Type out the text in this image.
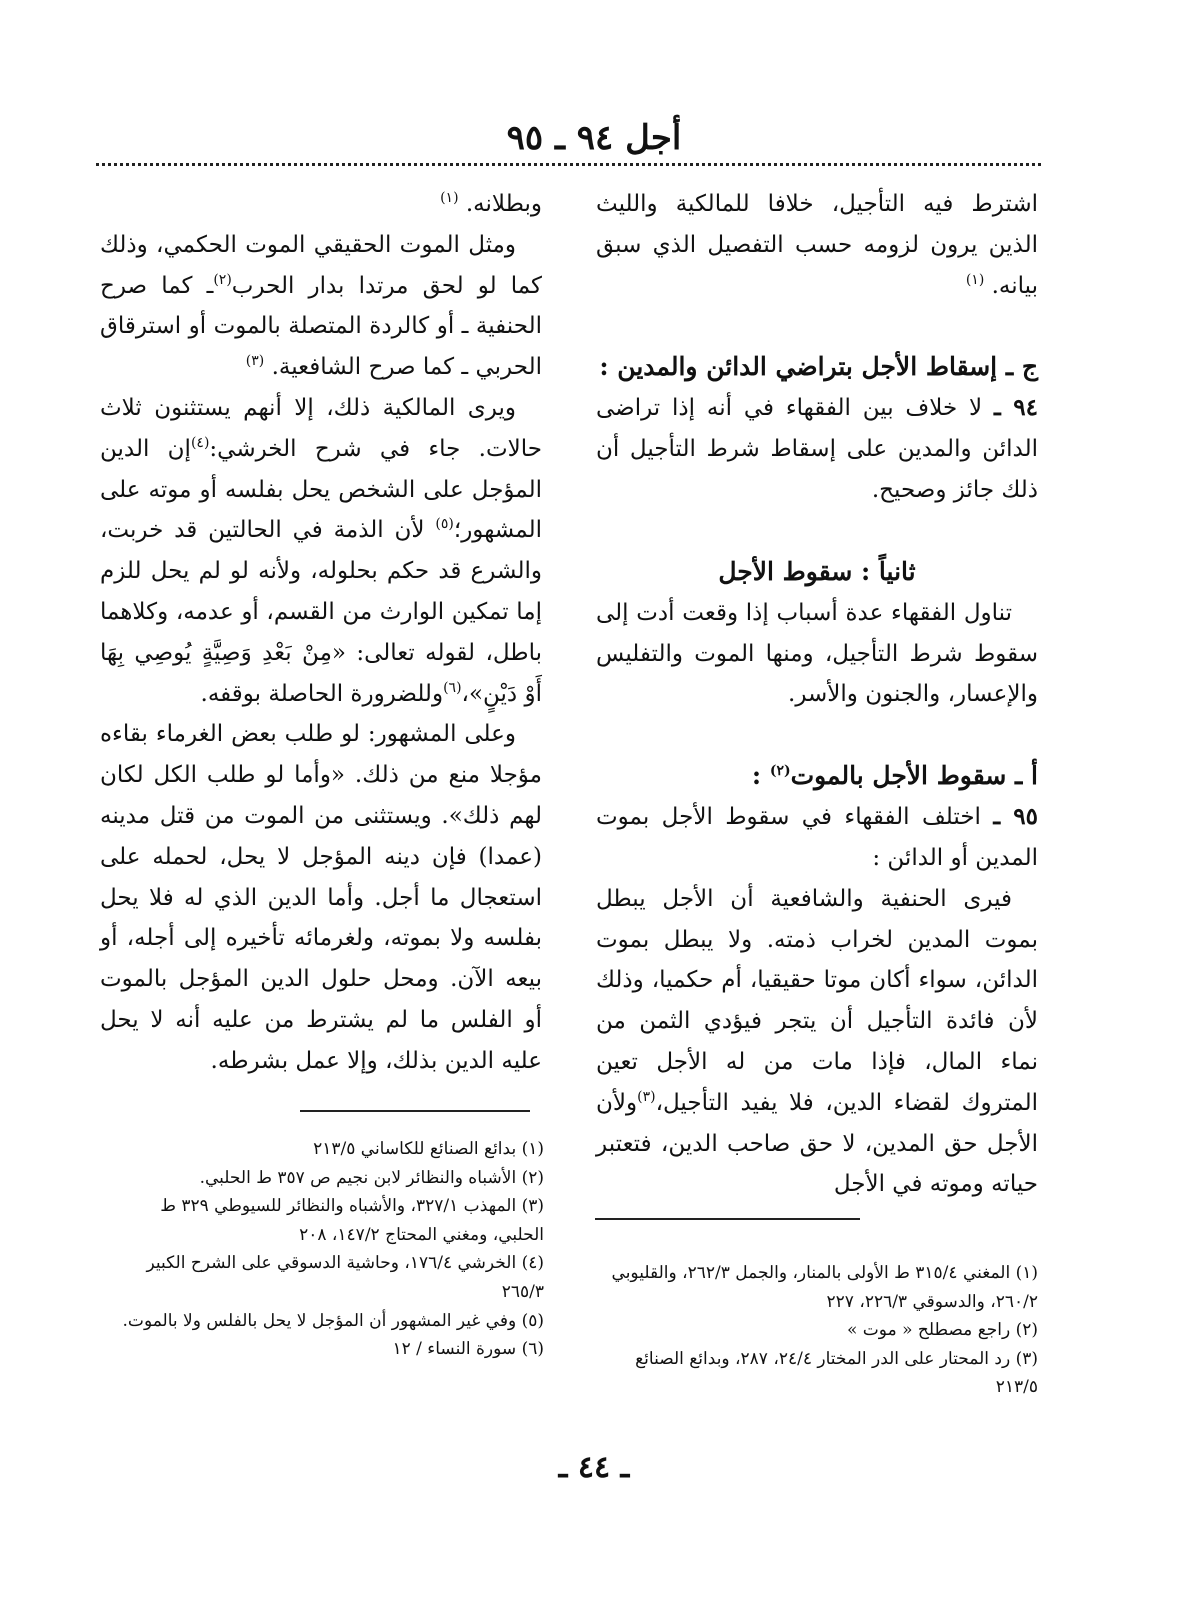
أجل ٩٤ ـ ٩٥

اشترط فيه التأجيل، خلافا للمالكية والليث الذين يرون لزومه حسب التفصيل الذي سبق بيانه. $^{(١)}$

ج ـ إسقاط الأجل بتراضي الدائن والمدين :

٩٤ ـ لا خلاف بين الفقهاء في أنه إذا تراضى الدائن والمدين على إسقاط شرط التأجيل أن ذلك جائز وصحيح.

ثانياً : سقوط الأجل

تناول الفقهاء عدة أسباب إذا وقعت أدت إلى سقوط شرط التأجيل، ومنها الموت والتفليس والإعسار، والجنون والأسر.

أ ـ سقوط الأجل بالموت$^{(٢)}$ :

٩٥ ـ اختلف الفقهاء في سقوط الأجل بموت المدين أو الدائن :

فيرى الحنفية والشافعية أن الأجل يبطل بموت المدين لخراب ذمته. ولا يبطل بموت الدائن، سواء أكان موتا حقيقيا، أم حكميا، وذلك لأن فائدة التأجيل أن يتجر فيؤدي الثمن من نماء المال، فإذا مات من له الأجل تعين المتروك لقضاء الدين، فلا يفيد التأجيل،$^{(٣)}$ولأن الأجل حق المدين، لا حق صاحب الدين، فتعتبر حياته وموته في الأجل

وبطلانه. $^{(١)}$

ومثل الموت الحقيقي الموت الحكمي، وذلك كما لو لحق مرتدا بدار الحرب$^{(٢)}$ـ كما صرح الحنفية ـ أو كالردة المتصلة بالموت أو استرقاق الحربي ـ كما صرح الشافعية. $^{(٣)}$

ويرى المالكية ذلك، إلا أنهم يستثنون ثلاث حالات. جاء في شرح الخرشي:$^{(٤)}$إن الدين المؤجل على الشخص يحل بفلسه أو موته على المشهور؛$^{(٥)}$ لأن الذمة في الحالتين قد خربت، والشرع قد حكم بحلوله، ولأنه لو لم يحل للزم إما تمكين الوارث من القسم، أو عدمه، وكلاهما باطل، لقوله تعالى: «مِنْ بَعْدِ وَصِيَّةٍ يُوصِي بِهَا أَوْ دَيْنٍ»،$^{(٦)}$وللضرورة الحاصلة بوقفه.

وعلى المشهور: لو طلب بعض الغرماء بقاءه مؤجلا منع من ذلك. «وأما لو طلب الكل لكان لهم ذلك». ويستثنى من الموت من قتل مدينه (عمدا) فإن دينه المؤجل لا يحل، لحمله على استعجال ما أجل. وأما الدين الذي له فلا يحل بفلسه ولا بموته، ولغرمائه تأخيره إلى أجله، أو بيعه الآن. ومحل حلول الدين المؤجل بالموت أو الفلس ما لم يشترط من عليه أنه لا يحل عليه الدين بذلك، وإلا عمل بشرطه.

(١) المغني ٣١٥/٤ ط الأولى بالمنار، والجمل ٢٦٢/٣، والقليوبي ٢٦٠/٢، والدسوقي ٢٢٦/٣، ٢٢٧

(٢) راجع مصطلح « موت »

(٣) رد المحتار على الدر المختار ٢٤/٤، ٢٨٧، وبدائع الصنائع ٢١٣/٥

(١) بدائع الصنائع للكاساني ٢١٣/٥

(٢) الأشباه والنظائر لابن نجيم ص ٣٥٧ ط الحلبي.

(٣) المهذب ٣٢٧/١، والأشباه والنظائر للسيوطي ٣٢٩ ط الحلبي، ومغني المحتاج ١٤٧/٢، ٢٠٨

(٤) الخرشي ١٧٦/٤، وحاشية الدسوقي على الشرح الكبير ٢٦٥/٣

(٥) وفي غير المشهور أن المؤجل لا يحل بالفلس ولا بالموت.

(٦) سورة النساء / ١٢

ـ ٤٤ ـ
